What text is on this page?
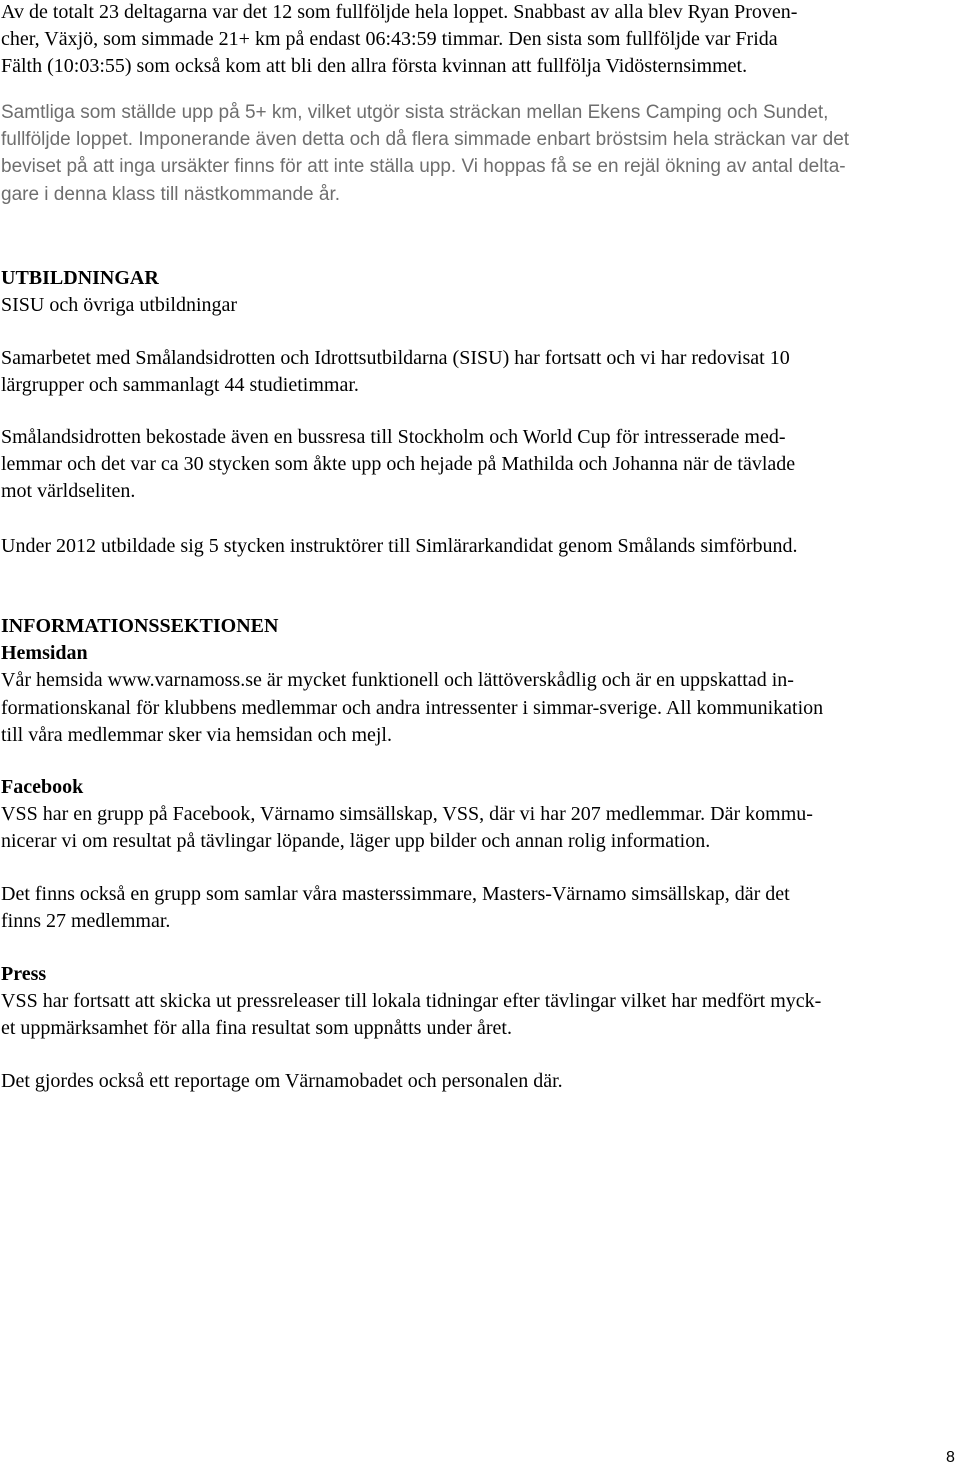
Av de totalt 23 deltagarna var det 12 som fullföljde hela loppet. Snabbast av alla blev Ryan Proven-
cher, Växjö, som simmade 21+ km på endast 06:43:59 timmar. Den sista som fullföljde var Frida
Fälth (10:03:55) som också kom att bli den allra första kvinnan att fullfölja Vidösternsimmet.

Samtliga som ställde upp på 5+ km, vilket utgör sista sträckan mellan Ekens Camping och Sundet,
fullföljde loppet. Imponerande även detta och då flera simmade enbart bröstsim hela sträckan var det
beviset på att inga ursäkter finns för att inte ställa upp. Vi hoppas få se en rejäl ökning av antal delta-
gare i denna klass till nästkommande år.

UTBILDNINGAR
SISU och övriga utbildningar

Samarbetet med Smålandsidrotten och Idrottsutbildarna (SISU) har fortsatt och vi har redovisat 10
lärgrupper och sammanlagt 44 studietimmar.

Smålandsidrotten bekostade även en bussresa till Stockholm och World Cup för intresserade med-
lemmar och det var ca 30 stycken som åkte upp och hejade på Mathilda och Johanna när de tävlade
mot världseliten.

Under 2012 utbildade sig 5 stycken instruktörer till Simlärarkandidat genom Smålands simförbund.

INFORMATIONSSEKTIONEN
Hemsidan
Vår hemsida www.varnamoss.se är mycket funktionell och lättöverskådlig och är en uppskattad in-
formationskanal för klubbens medlemmar och andra intressenter i simmar-sverige. All kommunikation
till våra medlemmar sker via hemsidan och mejl.
Facebook
VSS har en grupp på Facebook, Värnamo simsällskap, VSS, där vi har 207 medlemmar. Där kommu-
nicerar vi om resultat på tävlingar löpande, läger upp bilder och annan rolig information.

Det finns också en grupp som samlar våra masterssimmare, Masters-Värnamo simsällskap, där det
finns 27 medlemmar.

Press
VSS har fortsatt att skicka ut pressreleaser till lokala tidningar efter tävlingar vilket har medfört myck-
et uppmärksamhet för alla fina resultat som uppnåtts under året.

Det gjordes också ett reportage om Värnamobadet och personalen där.

8
